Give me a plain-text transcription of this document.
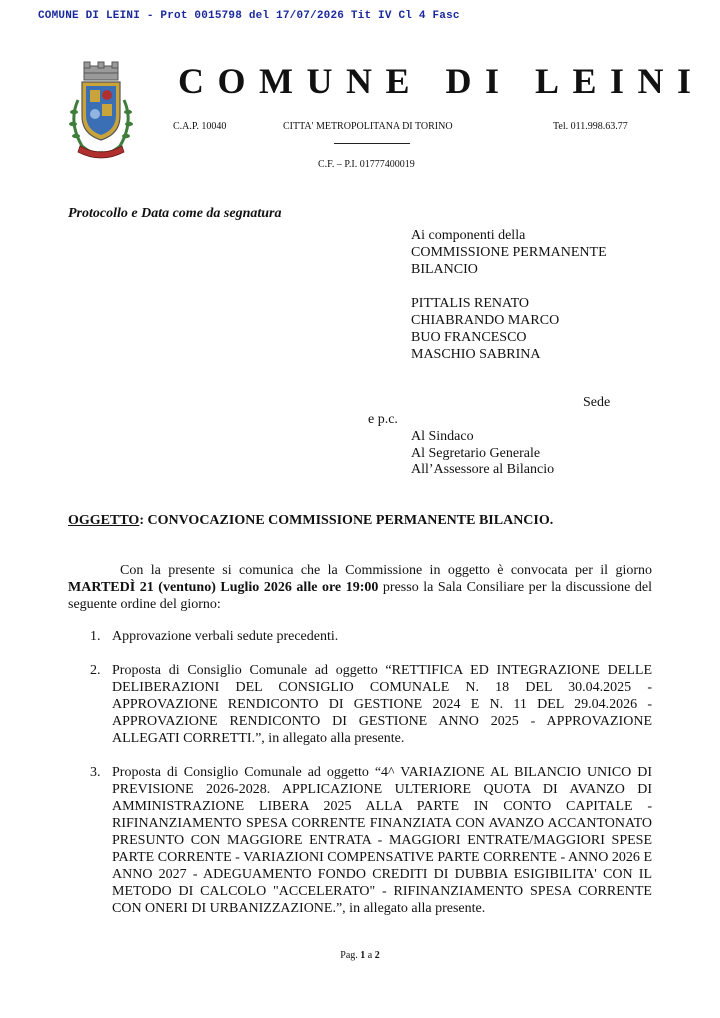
COMUNE DI LEINI - Prot 0015798 del 17/07/2026 Tit IV Cl 4 Fasc
COMUNE DI LEINI
C.A.P. 10040	CITTA' METROPOLITANA DI TORINO	Tel. 011.998.63.77
C.F. – P.I. 01777400019
Protocollo e Data come da segnatura
Ai componenti della
COMMISSIONE PERMANENTE
BILANCIO
PITTALIS RENATO
CHIABRANDO MARCO
BUO FRANCESCO
MASCHIO SABRINA
Sede
e p.c.
Al Sindaco
Al Segretario Generale
All’Assessore al Bilancio
OGGETTO: CONVOCAZIONE COMMISSIONE PERMANENTE BILANCIO.

Con la presente si comunica che la Commissione in oggetto è convocata per il giorno MARTEDÌ 21 (ventuno) Luglio 2026 alle ore 19:00 presso la Sala Consiliare per la discussione del seguente ordine del giorno:

1. Approvazione verbali sedute precedenti.
2. Proposta di Consiglio Comunale ad oggetto “RETTIFICA ED INTEGRAZIONE DELLE DELIBERAZIONI DEL CONSIGLIO COMUNALE N. 18 DEL 30.04.2025 - APPROVAZIONE RENDICONTO DI GESTIONE 2024 E N. 11 DEL 29.04.2026 - APPROVAZIONE RENDICONTO DI GESTIONE ANNO 2025 - APPROVAZIONE ALLEGATI CORRETTI.”, in allegato alla presente.
3. Proposta di Consiglio Comunale ad oggetto “4^ VARIAZIONE AL BILANCIO UNICO DI PREVISIONE 2026-2028. APPLICAZIONE ULTERIORE QUOTA DI AVANZO DI AMMINISTRAZIONE LIBERA 2025 ALLA PARTE IN CONTO CAPITALE - RIFINANZIAMENTO SPESA CORRENTE FINANZIATA CON AVANZO ACCANTONATO PRESUNTO CON MAGGIORE ENTRATA - MAGGIORI ENTRATE/MAGGIORI SPESE PARTE CORRENTE - VARIAZIONI COMPENSATIVE PARTE CORRENTE - ANNO 2026 E ANNO 2027 - ADEGUAMENTO FONDO CREDITI DI DUBBIA ESIGIBILITA' CON IL METODO DI CALCOLO "ACCELERATO" - RIFINANZIAMENTO SPESA CORRENTE CON ONERI DI URBANIZZAZIONE.”, in allegato alla presente.
Pag. 1 a 2
